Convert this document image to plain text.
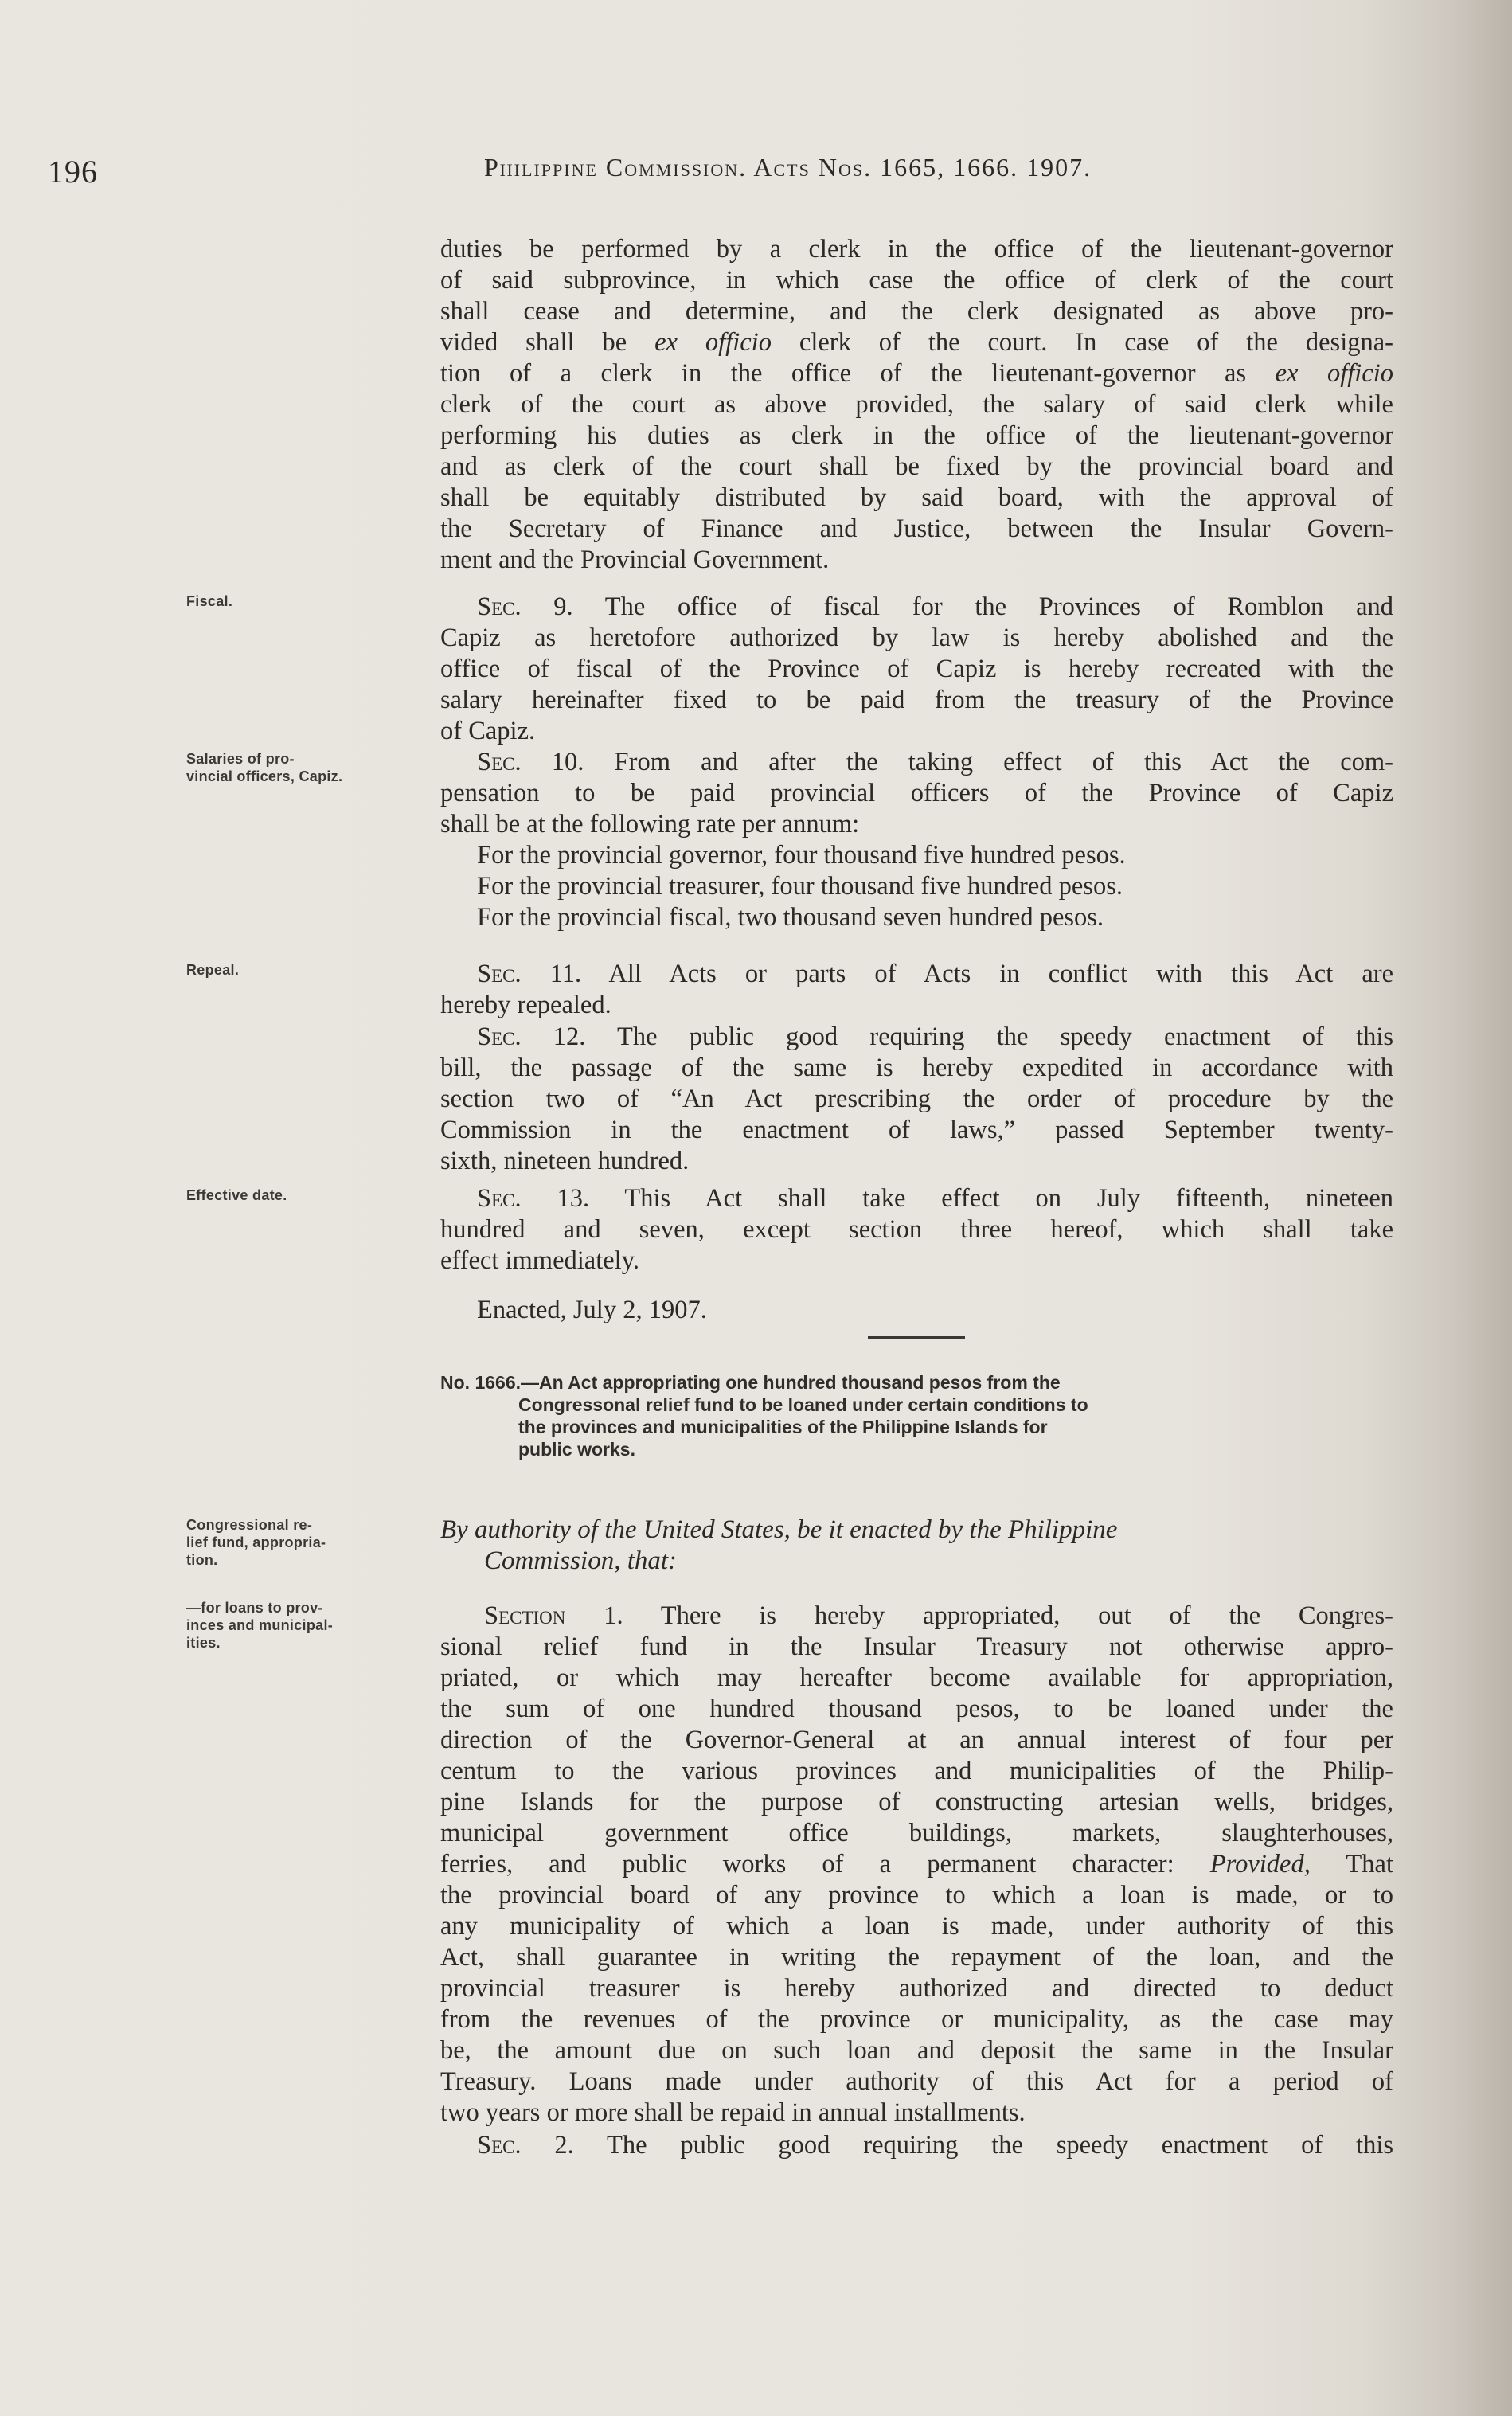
196	Philippine Commission. Acts Nos. 1665, 1666. 1907.
Fiscal.
Salaries of pro-
vincial officers, Capiz.
Repeal.
Effective date.
Congressional re-
lief fund, appropria-
tion.
—for loans to prov-
inces and municipal-
ities.
duties be performed by a clerk in the office of the lieutenant-governor
of said subprovince, in which case the office of clerk of the court
shall cease and determine, and the clerk designated as above pro-
vided shall be ex officio clerk of the court. In case of the designa-
tion of a clerk in the office of the lieutenant-governor as ex officio
clerk of the court as above provided, the salary of said clerk while
performing his duties as clerk in the office of the lieutenant-governor
and as clerk of the court shall be fixed by the provincial board and
shall be equitably distributed by said board, with the approval of
the Secretary of Finance and Justice, between the Insular Govern-
ment and the Provincial Government.
Sec. 9. The office of fiscal for the Provinces of Romblon and
Capiz as heretofore authorized by law is hereby abolished and the
office of fiscal of the Province of Capiz is hereby recreated with the
salary hereinafter fixed to be paid from the treasury of the Province
of Capiz.
Sec. 10. From and after the taking effect of this Act the com-
pensation to be paid provincial officers of the Province of Capiz
shall be at the following rate per annum:
For the provincial governor, four thousand five hundred pesos.
For the provincial treasurer, four thousand five hundred pesos.
For the provincial fiscal, two thousand seven hundred pesos.
Sec. 11. All Acts or parts of Acts in conflict with this Act are
hereby repealed.
Sec. 12. The public good requiring the speedy enactment of this
bill, the passage of the same is hereby expedited in accordance with
section two of “An Act prescribing the order of procedure by the
Commission in the enactment of laws,” passed September twenty-
sixth, nineteen hundred.
Sec. 13. This Act shall take effect on July fifteenth, nineteen
hundred and seven, except section three hereof, which shall take
effect immediately.
Enacted, July 2, 1907.
No. 1666.—An Act appropriating one hundred thousand pesos from the
Congressonal relief fund to be loaned under certain conditions to
the provinces and municipalities of the Philippine Islands for
public works.
By authority of the United States, be it enacted by the Philippine
Commission, that:
Section 1. There is hereby appropriated, out of the Congres-
sional relief fund in the Insular Treasury not otherwise appro-
priated, or which may hereafter become available for appropriation,
the sum of one hundred thousand pesos, to be loaned under the
direction of the Governor-General at an annual interest of four per
centum to the various provinces and municipalities of the Philip-
pine Islands for the purpose of constructing artesian wells, bridges,
municipal government office buildings, markets, slaughterhouses,
ferries, and public works of a permanent character: Provided, That
the provincial board of any province to which a loan is made, or to
any municipality of which a loan is made, under authority of this
Act, shall guarantee in writing the repayment of the loan, and the
provincial treasurer is hereby authorized and directed to deduct
from the revenues of the province or municipality, as the case may
be, the amount due on such loan and deposit the same in the Insular
Treasury. Loans made under authority of this Act for a period of
two years or more shall be repaid in annual installments.
Sec. 2. The public good requiring the speedy enactment of this
